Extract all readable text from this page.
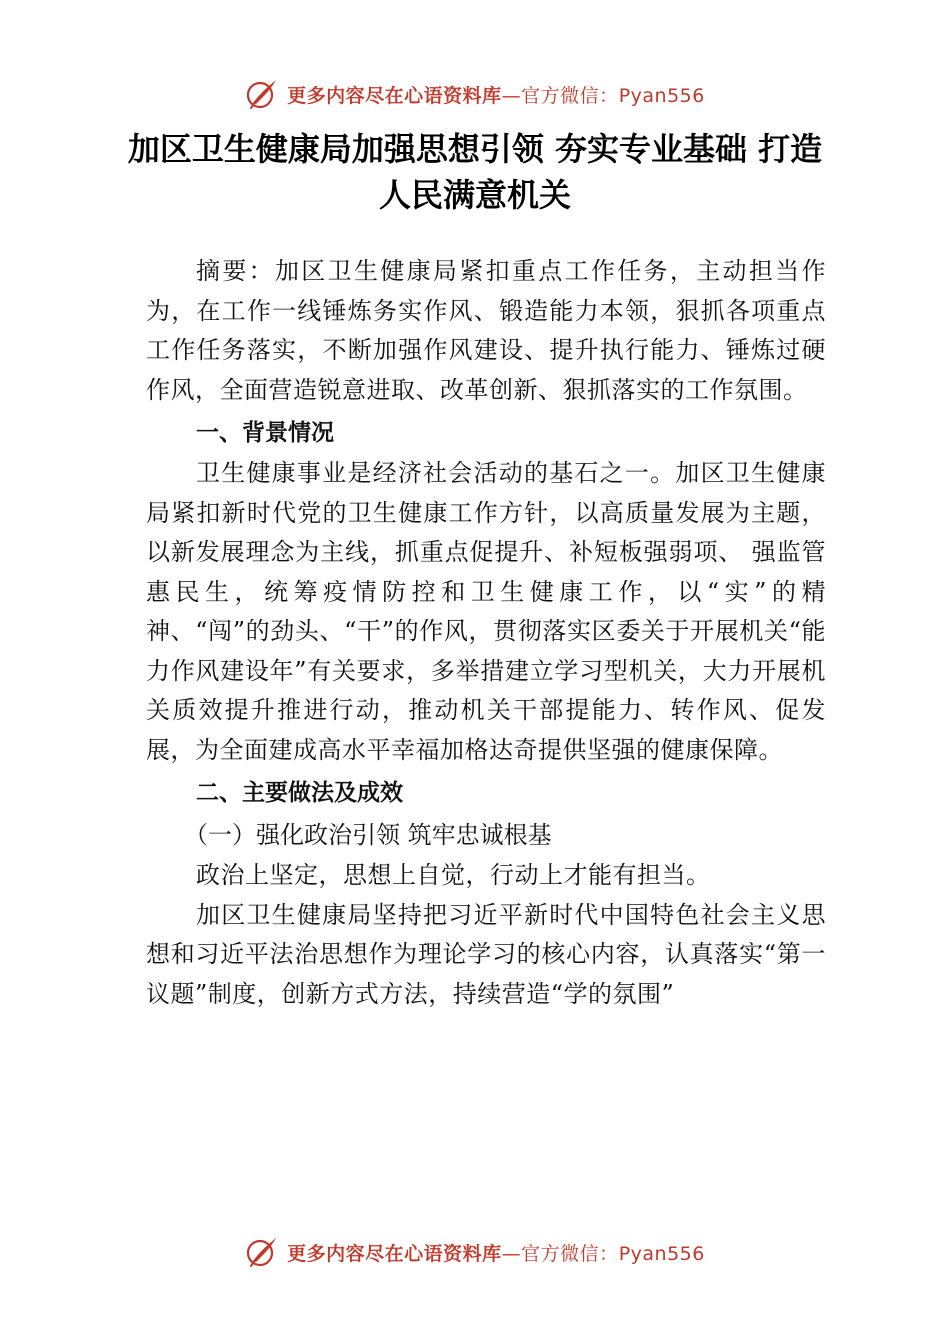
更多内容尽在心语资料库—官方微信：Pyan556
加区卫生健康局加强思想引领 夯实专业基础 打造人民满意机关

摘要：加区卫生健康局紧扣重点工作任务，主动担当作为，在工作一线锤炼务实作风、锻造能力本领，狠抓各项重点工作任务落实，不断加强作风建设、提升执行能力、锤炼过硬作风，全面营造锐意进取、改革创新、狠抓落实的工作氛围。

一、背景情况

卫生健康事业是经济社会活动的基石之一。加区卫生健康局紧扣新时代党的卫生健康工作方针，以高质量发展为主题，以新发展理念为主线，抓重点促提升、补短板强弱项、 强监管惠民生，统筹疫情防控和卫生健康工作，以“实”的精神、“闯”的劲头、“干”的作风，贯彻落实区委关于开展机关“能力作风建设年”有关要求，多举措建立学习型机关，大力开展机关质效提升推进行动，推动机关干部提能力、转作风、促发展，为全面建成高水平幸福加格达奇提供坚强的健康保障。

二、主要做法及成效

（一）强化政治引领 筑牢忠诚根基

政治上坚定，思想上自觉，行动上才能有担当。

加区卫生健康局坚持把习近平新时代中国特色社会主义思想和习近平法治思想作为理论学习的核心内容，认真落实“第一议题”制度，创新方式方法，持续营造“学的氛围”

更多内容尽在心语资料库—官方微信：Pyan556
